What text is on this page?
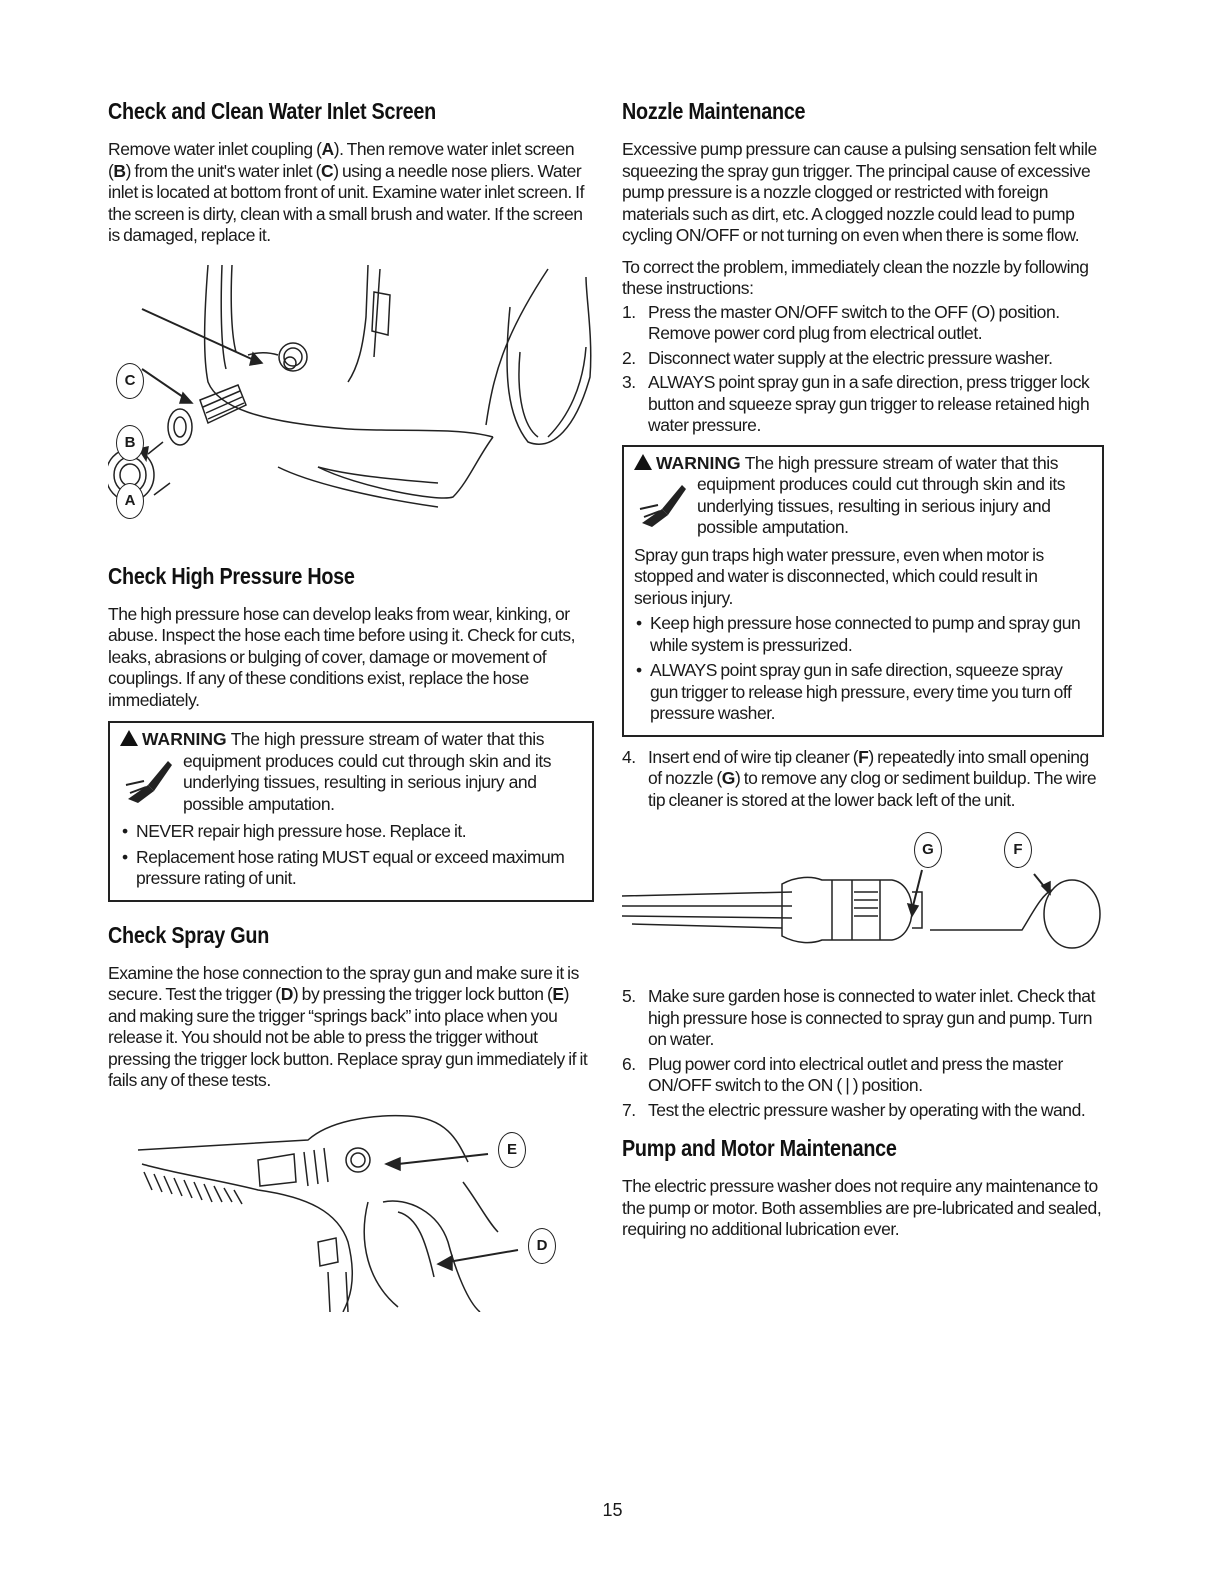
Check and Clean Water Inlet Screen

Remove water inlet coupling (A). Then remove water inlet screen (B) from the unit's water inlet (C) using a needle nose pliers. Water inlet is located at bottom front of unit. Examine water inlet screen. If the screen is dirty, clean with a small brush and water. If the screen is damaged, replace it.

C
B
A
Check High Pressure Hose

The high pressure hose can develop leaks from wear, kinking, or abuse. Inspect the hose each time before using it. Check for cuts, leaks, abrasions or bulging of cover, damage or movement of couplings. If any of these conditions exist, replace the hose immediately.

WARNING The high pressure stream of water that this
equipment produces could cut through skin and its underlying tissues, resulting in serious injury and possible amputation.
• NEVER repair high pressure hose. Replace it.
• Replacement hose rating MUST equal or exceed maximum pressure rating of unit.
Check Spray Gun

Examine the hose connection to the spray gun and make sure it is secure. Test the trigger (D) by pressing the trigger lock button (E) and making sure the trigger “springs back” into place when you release it. You should not be able to press the trigger without pressing the trigger lock button. Replace spray gun immediately if it fails any of these tests.

E
D
Nozzle Maintenance

Excessive pump pressure can cause a pulsing sensation felt while squeezing the spray gun trigger. The principal cause of excessive pump pressure is a nozzle clogged or restricted with foreign materials such as dirt, etc. A clogged nozzle could lead to pump cycling ON/OFF or not turning on even when there is some flow.

To correct the problem, immediately clean the nozzle by following these instructions:

1. Press the master ON/OFF switch to the OFF (O) position. Remove power cord plug from electrical outlet.
2. Disconnect water supply at the electric pressure washer.
3. ALWAYS point spray gun in a safe direction, press trigger lock button and squeeze spray gun trigger to release retained high water pressure.
WARNING The high pressure stream of water that this
equipment produces could cut through skin and its underlying tissues, resulting in serious injury and possible amputation.

Spray gun traps high water pressure, even when motor is stopped and water is disconnected, which could result in serious injury.

• Keep high pressure hose connected to pump and spray gun while system is pressurized.
• ALWAYS point spray gun in safe direction, squeeze spray gun trigger to release high pressure, every time you turn off pressure washer.
4. Insert end of wire tip cleaner (F) repeatedly into small opening of nozzle (G) to remove any clog or sediment buildup. The wire tip cleaner is stored at the lower back left of the unit.
G	F
5. Make sure garden hose is connected to water inlet. Check that high pressure hose is connected to spray gun and pump. Turn on water.
6. Plug power cord into electrical outlet and press the master ON/OFF switch to the ON ( | ) position.
7. Test the electric pressure washer by operating with the wand.
Pump and Motor Maintenance

The electric pressure washer does not require any maintenance to the pump or motor. Both assemblies are pre-lubricated and sealed, requiring no additional lubrication ever.

15
